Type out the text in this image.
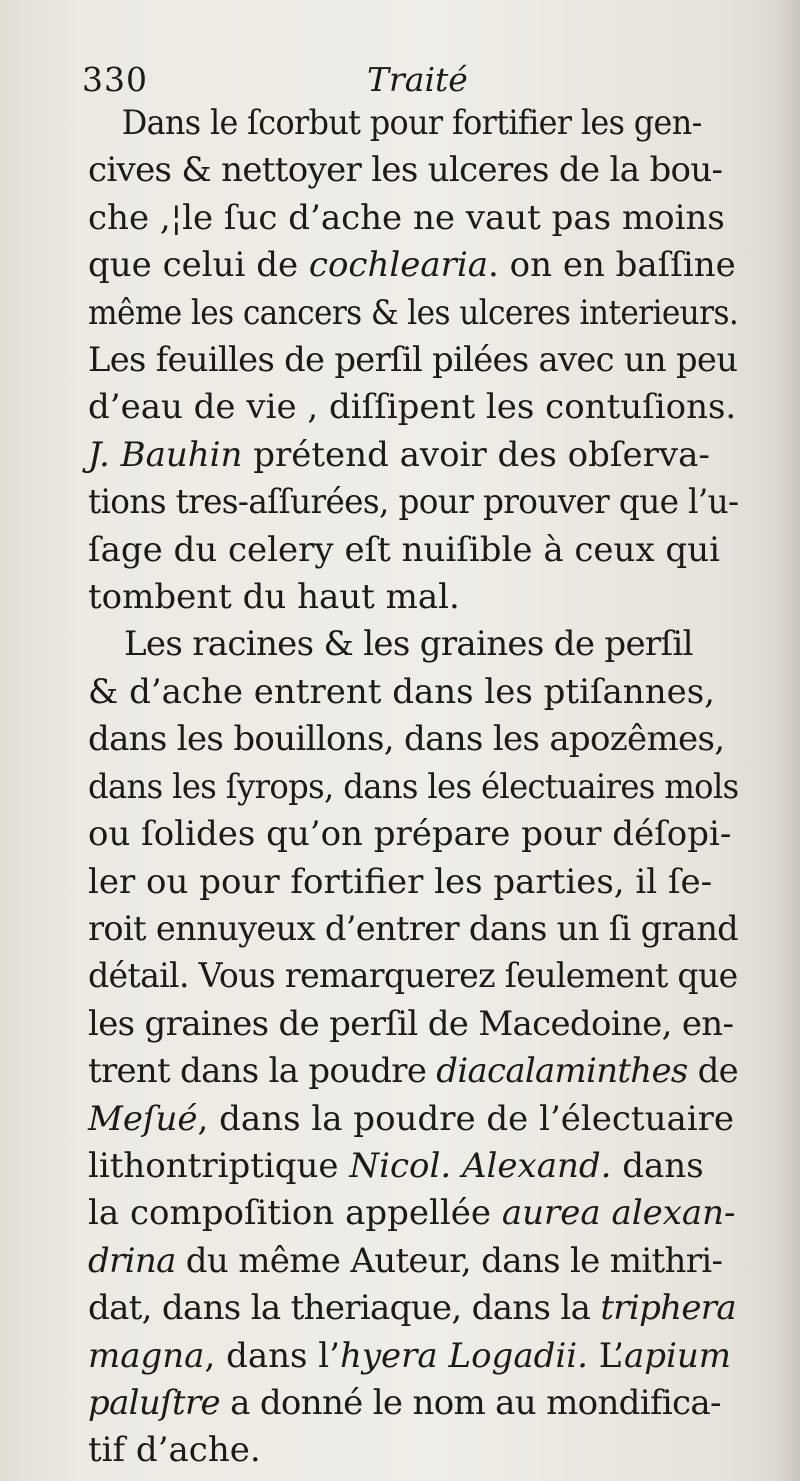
330	Traité
Dans le ſcorbut pour fortifier les gen-
cives & nettoyer les ulceres de la bou-
che ,¦le ſuc d’ache ne vaut pas moins
que celui de cochlearia. on en baſſine
même les cancers & les ulceres interieurs.
Les feuilles de perſil pilées avec un peu
d’eau de vie , diſſipent les contuſions.
J. Bauhin prétend avoir des obſerva-
tions tres-aſſurées, pour prouver que l’u-
ſage du celery eſt nuiſible à ceux qui
tombent du haut mal.
Les racines & les graines de perſil
& d’ache entrent dans les ptiſannes,
dans les bouillons, dans les apozêmes,
dans les ſyrops, dans les électuaires mols
ou ſolides qu’on prépare pour déſopi-
ler ou pour fortifier les parties, il ſe-
roit ennuyeux d’entrer dans un ſi grand
détail. Vous remarquerez ſeulement que
les graines de perſil de Macedoine, en-
trent dans la poudre diacalaminthes de
Meſué, dans la poudre de l’électuaire
lithontriptique Nicol. Alexand. dans
la compoſition appellée aurea alexan-
drina du même Auteur, dans le mithri-
dat, dans la theriaque, dans la triphera
magna, dans l’hyera Logadii. L’apium
paluſtre a donné le nom au mondifica-
tif d’ache.
